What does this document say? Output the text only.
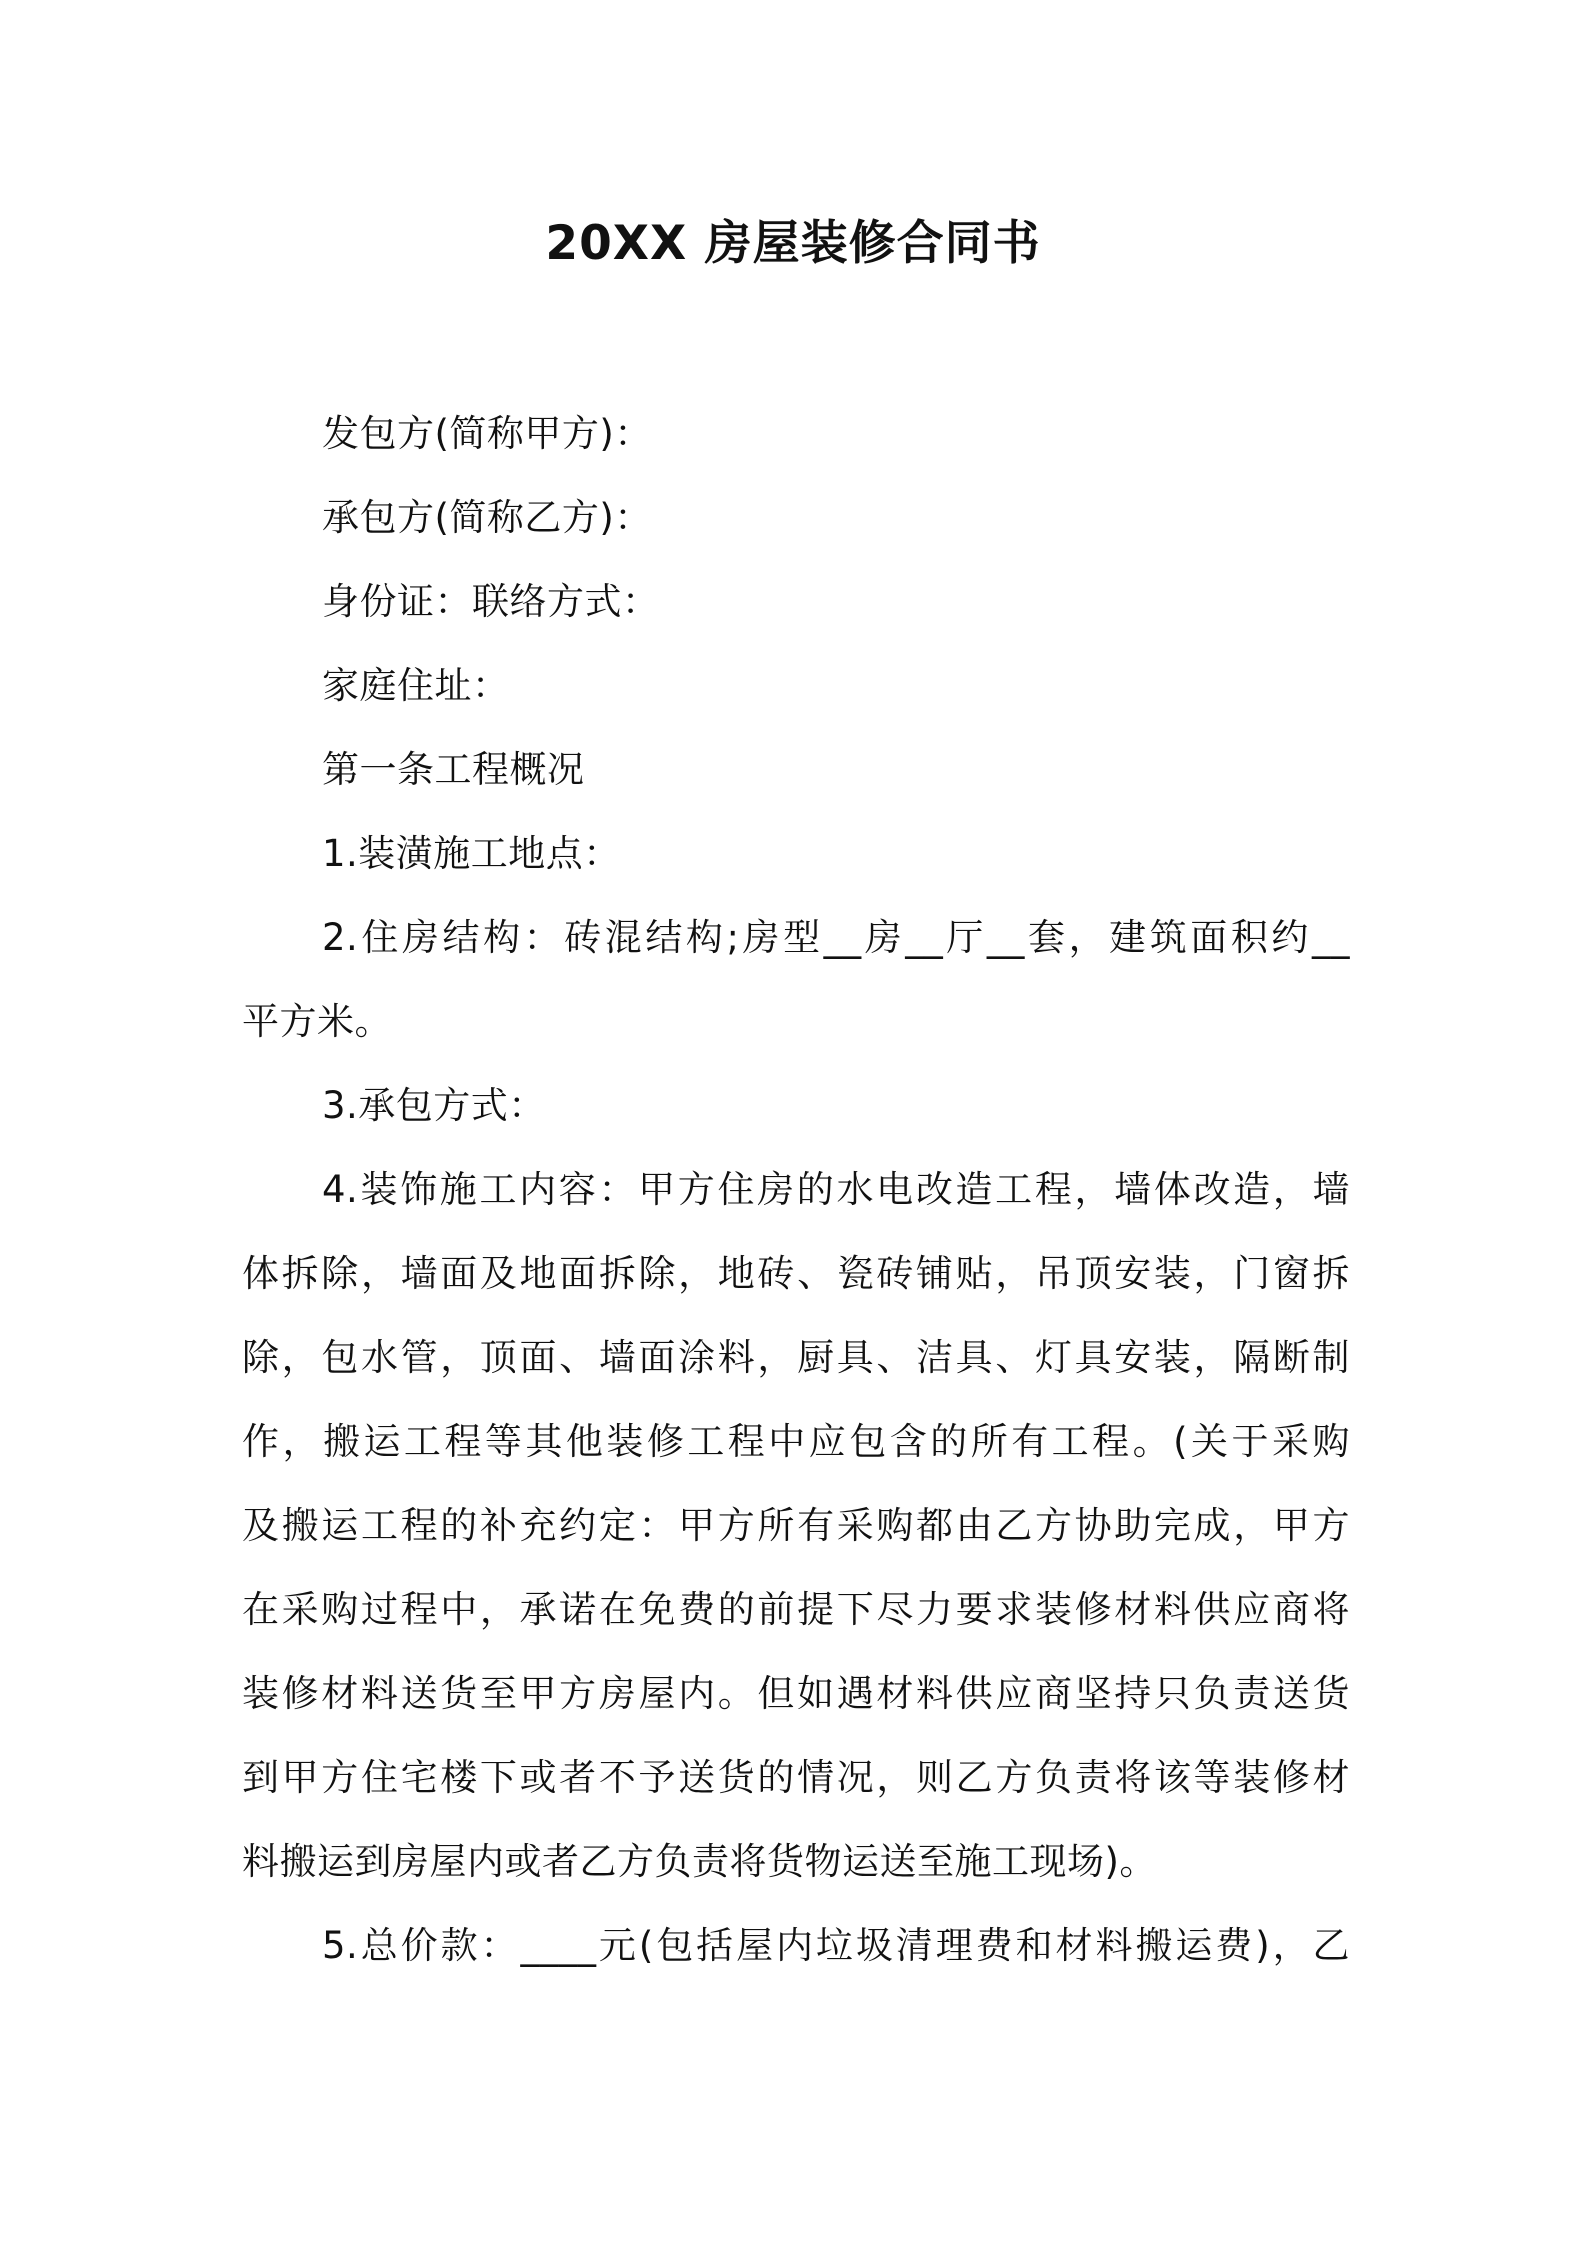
20XX 房屋装修合同书
发包方(简称甲方)：
承包方(简称乙方)：
身份证：联络方式：
家庭住址：
第一条工程概况
1.装潢施工地点：
2.住房结构：砖混结构;房型__房__厅__套，建筑面积约__
平方米。
3.承包方式：
4.装饰施工内容：甲方住房的水电改造工程，墙体改造，墙
体拆除，墙面及地面拆除，地砖、瓷砖铺贴，吊顶安装，门窗拆
除，包水管，顶面、墙面涂料，厨具、洁具、灯具安装，隔断制
作，搬运工程等其他装修工程中应包含的所有工程。(关于采购
及搬运工程的补充约定：甲方所有采购都由乙方协助完成，甲方
在采购过程中，承诺在免费的前提下尽力要求装修材料供应商将
装修材料送货至甲方房屋内。但如遇材料供应商坚持只负责送货
到甲方住宅楼下或者不予送货的情况，则乙方负责将该等装修材
料搬运到房屋内或者乙方负责将货物运送至施工现场)。
5.总价款：____元(包括屋内垃圾清理费和材料搬运费)，乙
